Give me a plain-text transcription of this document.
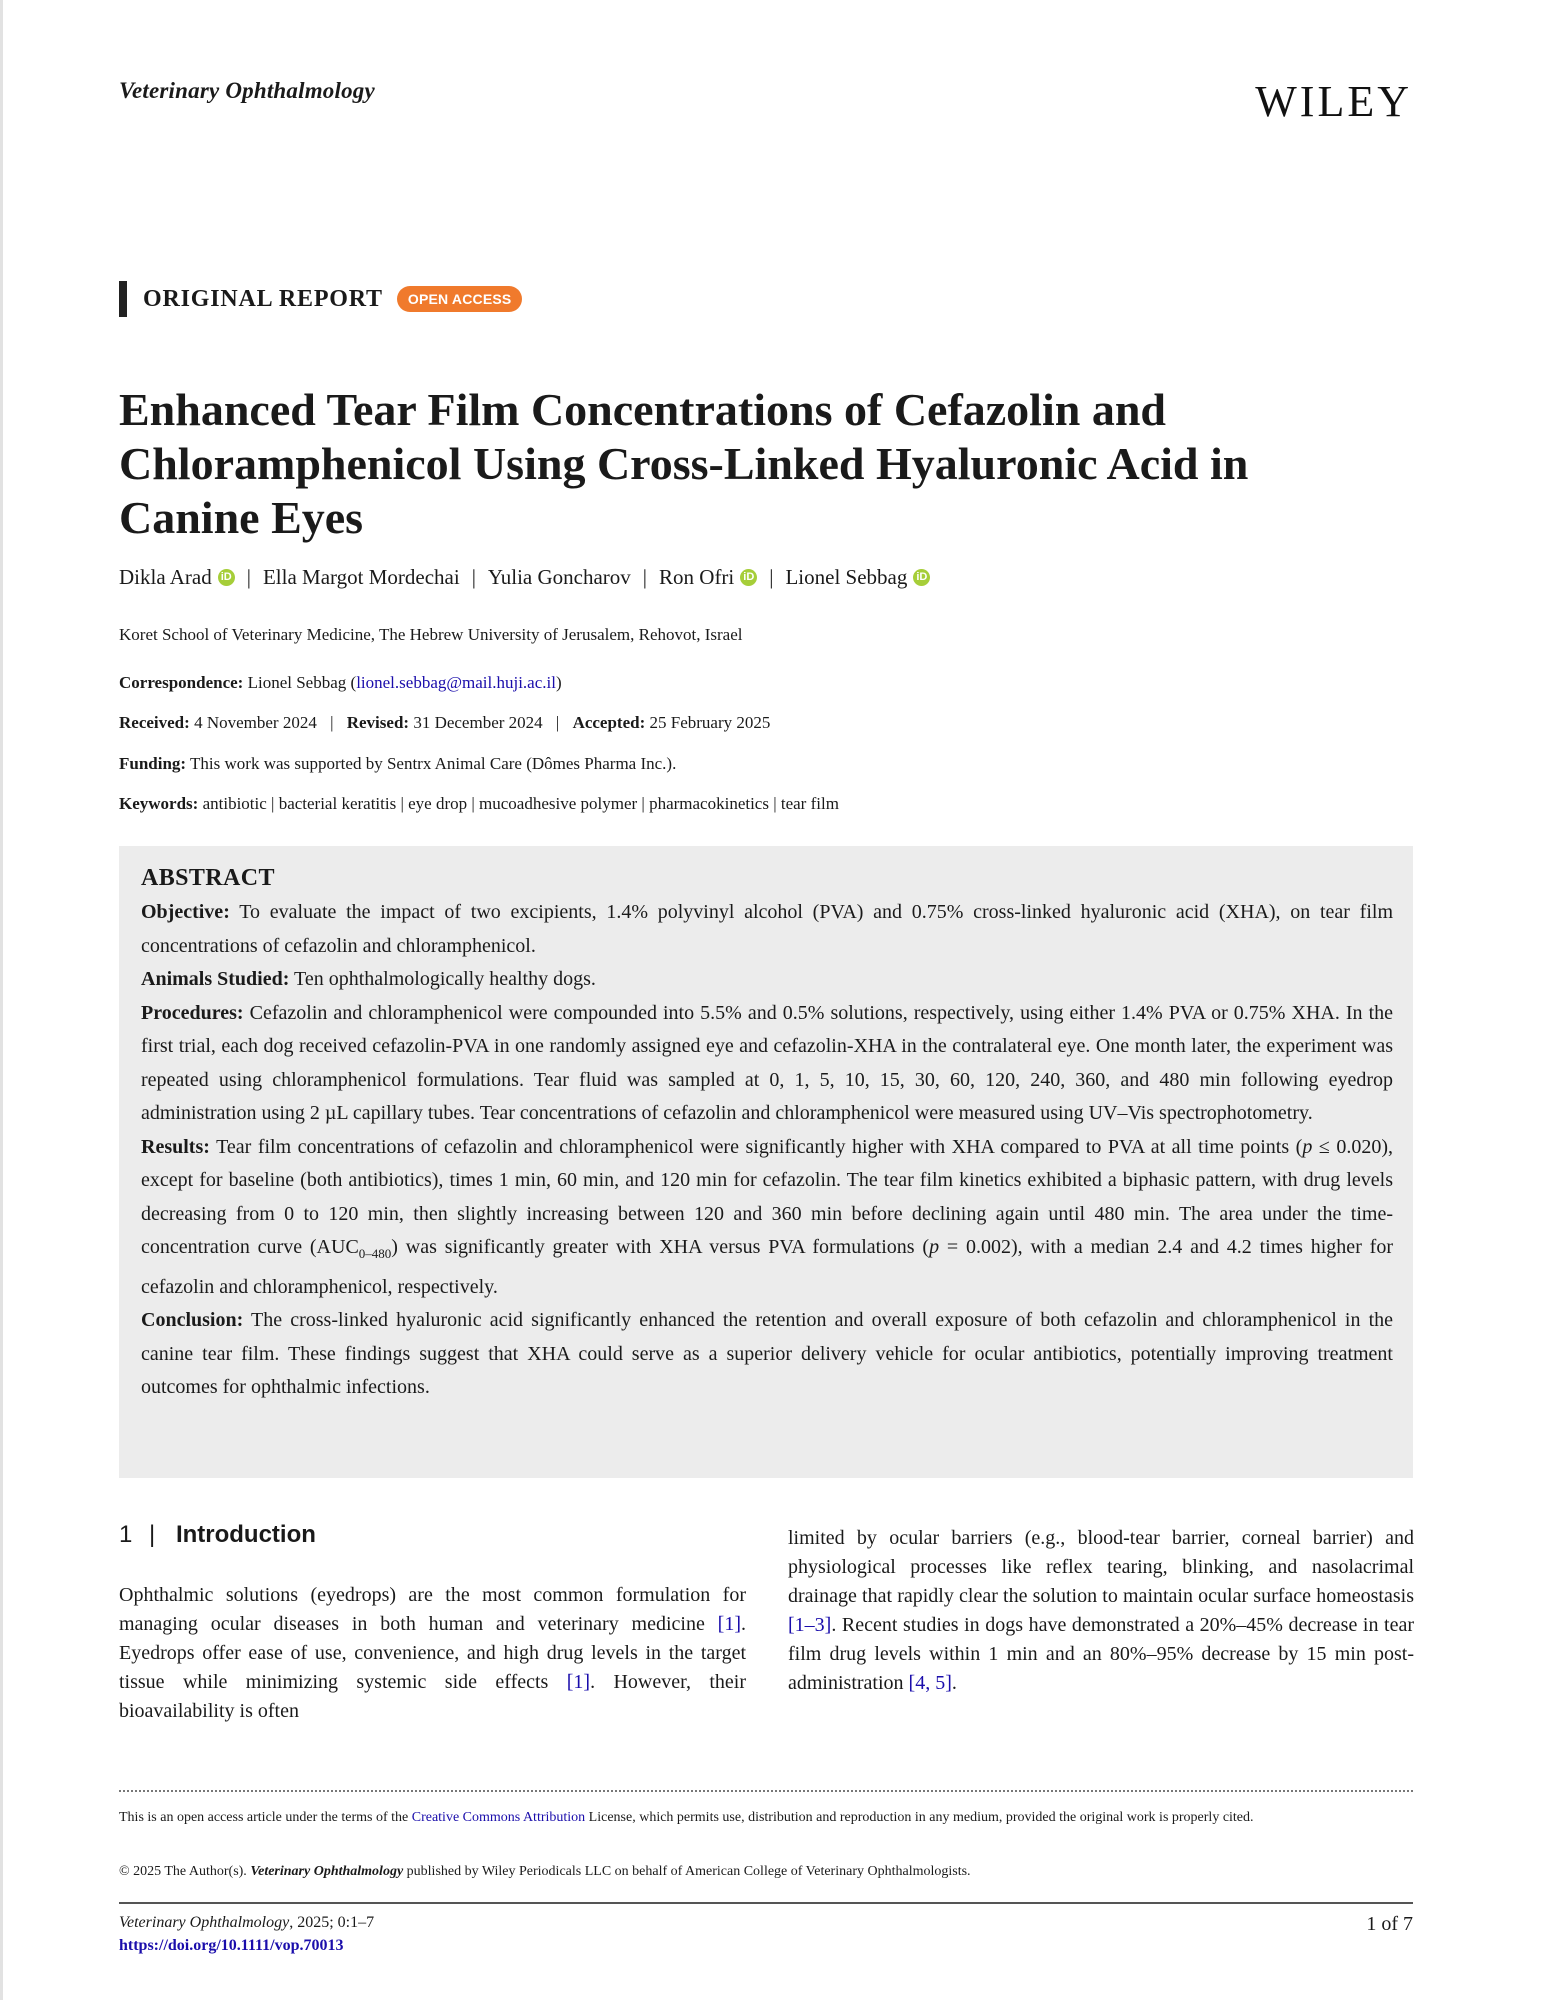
Veterinary Ophthalmology	WILEY
ORIGINAL REPORT	OPEN ACCESS
Enhanced Tear Film Concentrations of Cefazolin and Chloramphenicol Using Cross-Linked Hyaluronic Acid in Canine Eyes
Dikla Arad iD | Ella Margot Mordechai | Yulia Goncharov | Ron Ofri iD | Lionel Sebbag iD
Koret School of Veterinary Medicine, The Hebrew University of Jerusalem, Rehovot, Israel
Correspondence: Lionel Sebbag (lionel.sebbag@mail.huji.ac.il)
Received: 4 November 2024 | Revised: 31 December 2024 | Accepted: 25 February 2025
Funding: This work was supported by Sentrx Animal Care (Dômes Pharma Inc.).
Keywords: antibiotic | bacterial keratitis | eye drop | mucoadhesive polymer | pharmacokinetics | tear film
ABSTRACT

Objective: To evaluate the impact of two excipients, 1.4% polyvinyl alcohol (PVA) and 0.75% cross-linked hyaluronic acid (XHA), on tear film concentrations of cefazolin and chloramphenicol.

Animals Studied: Ten ophthalmologically healthy dogs.

Procedures: Cefazolin and chloramphenicol were compounded into 5.5% and 0.5% solutions, respectively, using either 1.4% PVA or 0.75% XHA. In the first trial, each dog received cefazolin-PVA in one randomly assigned eye and cefazolin-XHA in the contralateral eye. One month later, the experiment was repeated using chloramphenicol formulations. Tear fluid was sampled at 0, 1, 5, 10, 15, 30, 60, 120, 240, 360, and 480 min following eyedrop administration using 2 µL capillary tubes. Tear concentrations of cefazolin and chloramphenicol were measured using UV–Vis spectrophotometry.

Results: Tear film concentrations of cefazolin and chloramphenicol were significantly higher with XHA compared to PVA at all time points (p ≤ 0.020), except for baseline (both antibiotics), times 1 min, 60 min, and 120 min for cefazolin. The tear film kinetics exhibited a biphasic pattern, with drug levels decreasing from 0 to 120 min, then slightly increasing between 120 and 360 min before declining again until 480 min. The area under the time-concentration curve $(AUC_{0-480})$ was significantly greater with XHA versus PVA formulations (p = 0.002), with a median 2.4 and 4.2 times higher for cefazolin and chloramphenicol, respectively.

Conclusion: The cross-linked hyaluronic acid significantly enhanced the retention and overall exposure of both cefazolin and chloramphenicol in the canine tear film. These findings suggest that XHA could serve as a superior delivery vehicle for ocular antibiotics, potentially improving treatment outcomes for ophthalmic infections.

1 | Introduction

Ophthalmic solutions (eyedrops) are the most common formulation for managing ocular diseases in both human and veterinary medicine [1]. Eyedrops offer ease of use, convenience, and high drug levels in the target tissue while minimizing systemic side effects [1]. However, their bioavailability is often

limited by ocular barriers (e.g., blood-tear barrier, corneal barrier) and physiological processes like reflex tearing, blinking, and nasolacrimal drainage that rapidly clear the solution to maintain ocular surface homeostasis [1–3]. Recent studies in dogs have demonstrated a 20%–45% decrease in tear film drug levels within 1 min and an 80%–95% decrease by 15 min post-administration [4, 5].

This is an open access article under the terms of the Creative Commons Attribution License, which permits use, distribution and reproduction in any medium, provided the original work is properly cited.

© 2025 The Author(s). Veterinary Ophthalmology published by Wiley Periodicals LLC on behalf of American College of Veterinary Ophthalmologists.

Veterinary Ophthalmology, 2025; 0:1–7
https://doi.org/10.1111/vop.70013
1 of 7
